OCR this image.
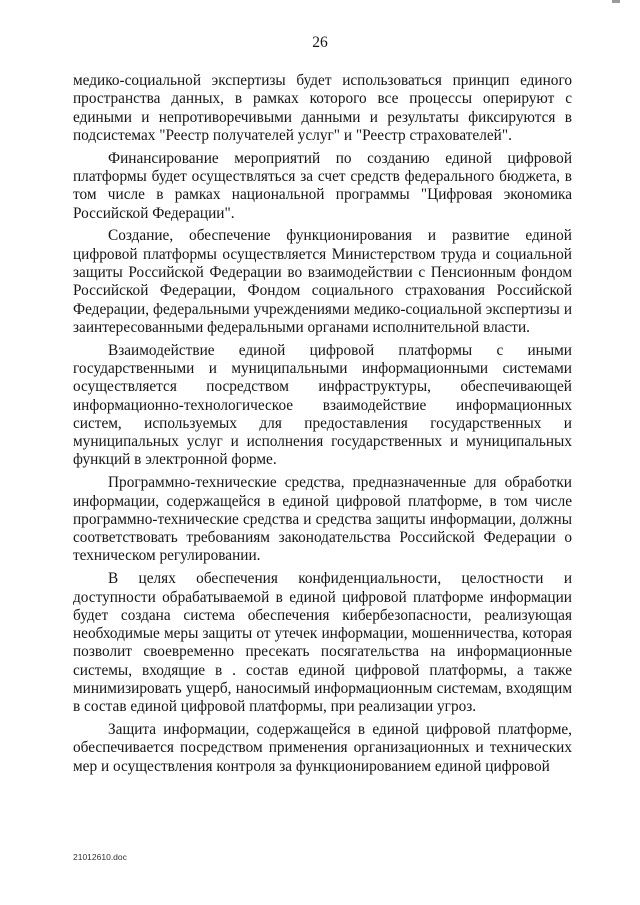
26

медико-социальной экспертизы будет использоваться принцип единого пространства данных, в рамках которого все процессы оперируют с едиными и непротиворечивыми данными и результаты фиксируются в подсистемах "Реестр получателей услуг" и "Реестр страхователей".

Финансирование мероприятий по созданию единой цифровой платформы будет осуществляться за счет средств федерального бюджета, в том числе в рамках национальной программы "Цифровая экономика Российской Федерации".

Создание, обеспечение функционирования и развитие единой цифровой платформы осуществляется Министерством труда и социальной защиты Российской Федерации во взаимодействии с Пенсионным фондом Российской Федерации, Фондом социального страхования Российской Федерации, федеральными учреждениями медико-социальной экспертизы и заинтересованными федеральными органами исполнительной власти.

Взаимодействие единой цифровой платформы с иными государственными и муниципальными информационными системами осуществляется посредством инфраструктуры, обеспечивающей информационно-технологическое взаимодействие информационных систем, используемых для предоставления государственных и муниципальных услуг и исполнения государственных и муниципальных функций в электронной форме.

Программно-технические средства, предназначенные для обработки информации, содержащейся в единой цифровой платформе, в том числе программно-технические средства и средства защиты информации, должны соответствовать требованиям законодательства Российской Федерации о техническом регулировании.

В целях обеспечения конфиденциальности, целостности и доступности обрабатываемой в единой цифровой платформе информации будет создана система обеспечения кибербезопасности, реализующая необходимые меры защиты от утечек информации, мошенничества, которая позволит своевременно пресекать посягательства на информационные системы, входящие в . состав единой цифровой платформы, а также минимизировать ущерб, наносимый информационным системам, входящим в состав единой цифровой платформы, при реализации угроз.

Защита информации, содержащейся в единой цифровой платформе, обеспечивается посредством применения организационных и технических мер и осуществления контроля за функционированием единой цифровой

21012610.doc
